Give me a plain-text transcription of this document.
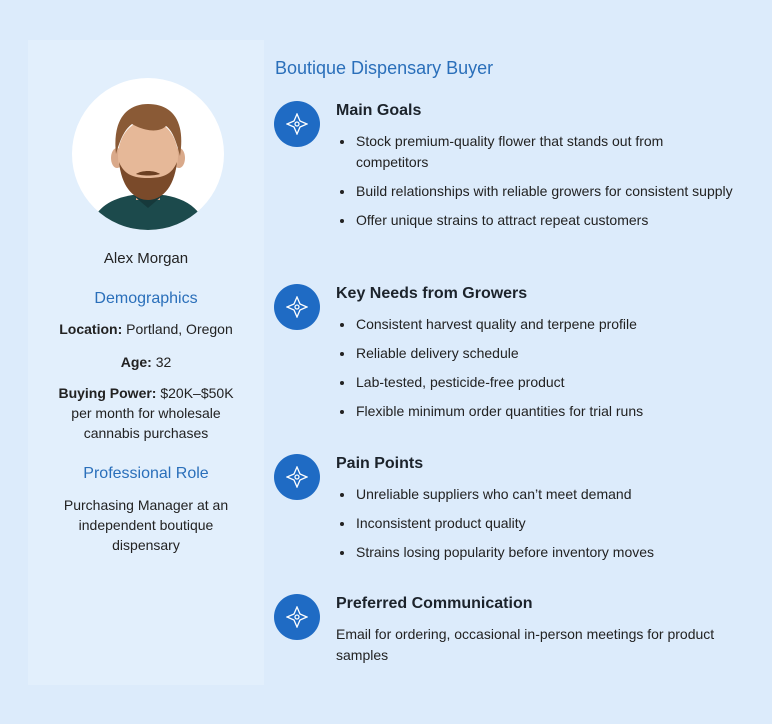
Alex Morgan
Demographics
Location: Portland, Oregon
Age: 32
Buying Power: $20K–$50K per month for wholesale cannabis purchases
Professional Role
Purchasing Manager at an independent boutique dispensary
Boutique Dispensary Buyer
Main Goals
Stock premium-quality flower that stands out from competitors
Build relationships with reliable growers for consistent supply
Offer unique strains to attract repeat customers
Key Needs from Growers
Consistent harvest quality and terpene profile
Reliable delivery schedule
Lab-tested, pesticide-free product
Flexible minimum order quantities for trial runs
Pain Points
Unreliable suppliers who can’t meet demand
Inconsistent product quality
Strains losing popularity before inventory moves
Preferred Communication
Email for ordering, occasional in-person meetings for product samples
